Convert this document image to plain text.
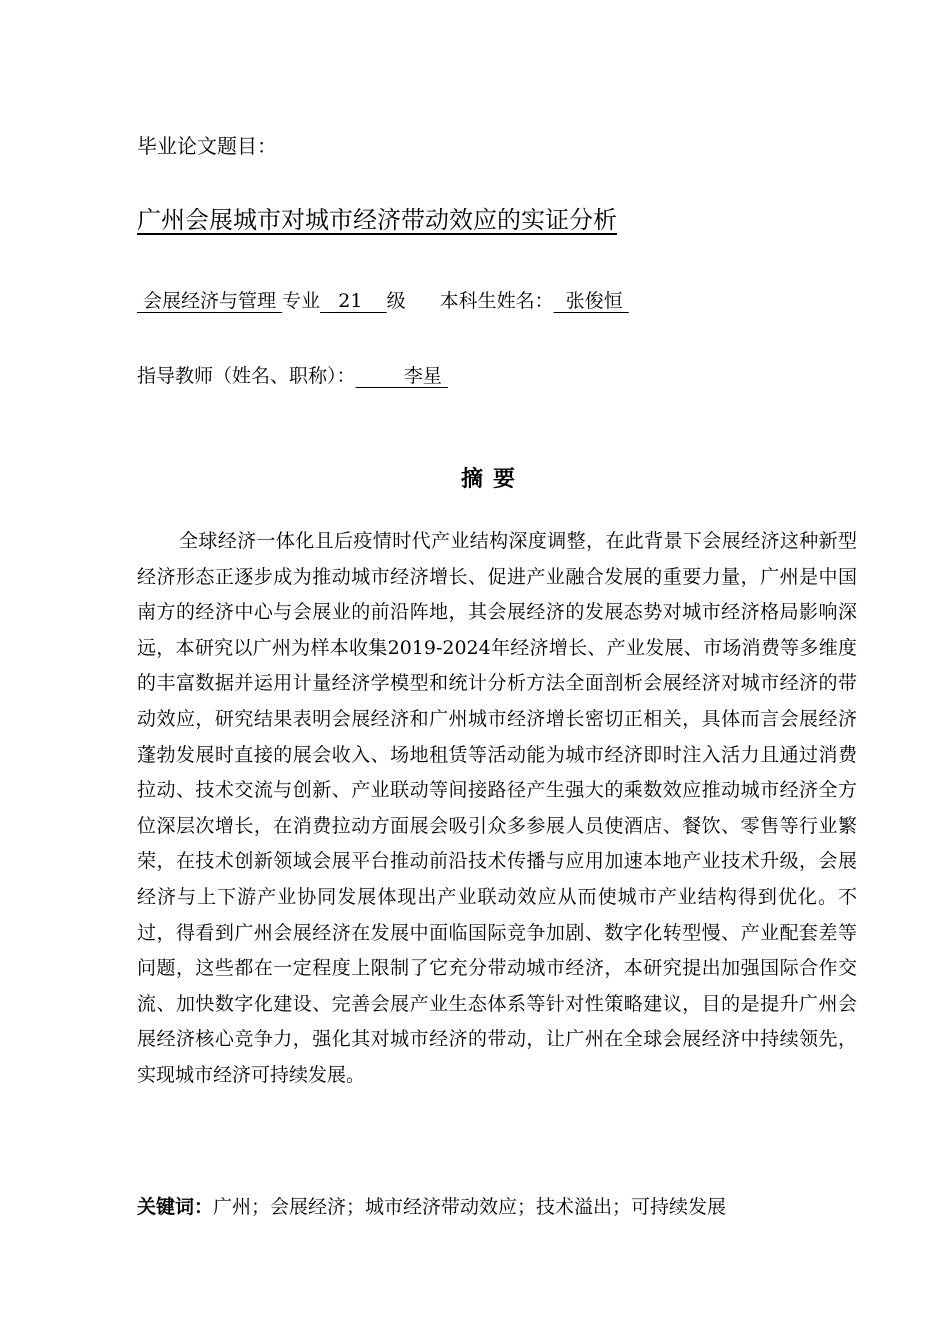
毕业论文题目：
广州会展城市对城市经济带动效应的实证分析
会展经济与管理 专业   21    级 本科生姓名：  张俊恒
指导教师（姓名、职称）：        李星
摘要

全球经济一体化且后疫情时代产业结构深度调整，在此背景下会展经济这种新型经济形态正逐步成为推动城市经济增长、促进产业融合发展的重要力量，广州是中国南方的经济中心与会展业的前沿阵地，其会展经济的发展态势对城市经济格局影响深远，本研究以广州为样本收集2019-2024年经济增长、产业发展、市场消费等多维度的丰富数据并运用计量经济学模型和统计分析方法全面剖析会展经济对城市经济的带动效应，研究结果表明会展经济和广州城市经济增长密切正相关，具体而言会展经济蓬勃发展时直接的展会收入、场地租赁等活动能为城市经济即时注入活力且通过消费拉动、技术交流与创新、产业联动等间接路径产生强大的乘数效应推动城市经济全方位深层次增长，在消费拉动方面展会吸引众多参展人员使酒店、餐饮、零售等行业繁荣，在技术创新领域会展平台推动前沿技术传播与应用加速本地产业技术升级，会展经济与上下游产业协同发展体现出产业联动效应从而使城市产业结构得到优化。不过，得看到广州会展经济在发展中面临国际竞争加剧、数字化转型慢、产业配套差等问题，这些都在一定程度上限制了它充分带动城市经济，本研究提出加强国际合作交流、加快数字化建设、完善会展产业生态体系等针对性策略建议，目的是提升广州会展经济核心竞争力，强化其对城市经济的带动，让广州在全球会展经济中持续领先，实现城市经济可持续发展。

关键词：广州；会展经济；城市经济带动效应；技术溢出；可持续发展
